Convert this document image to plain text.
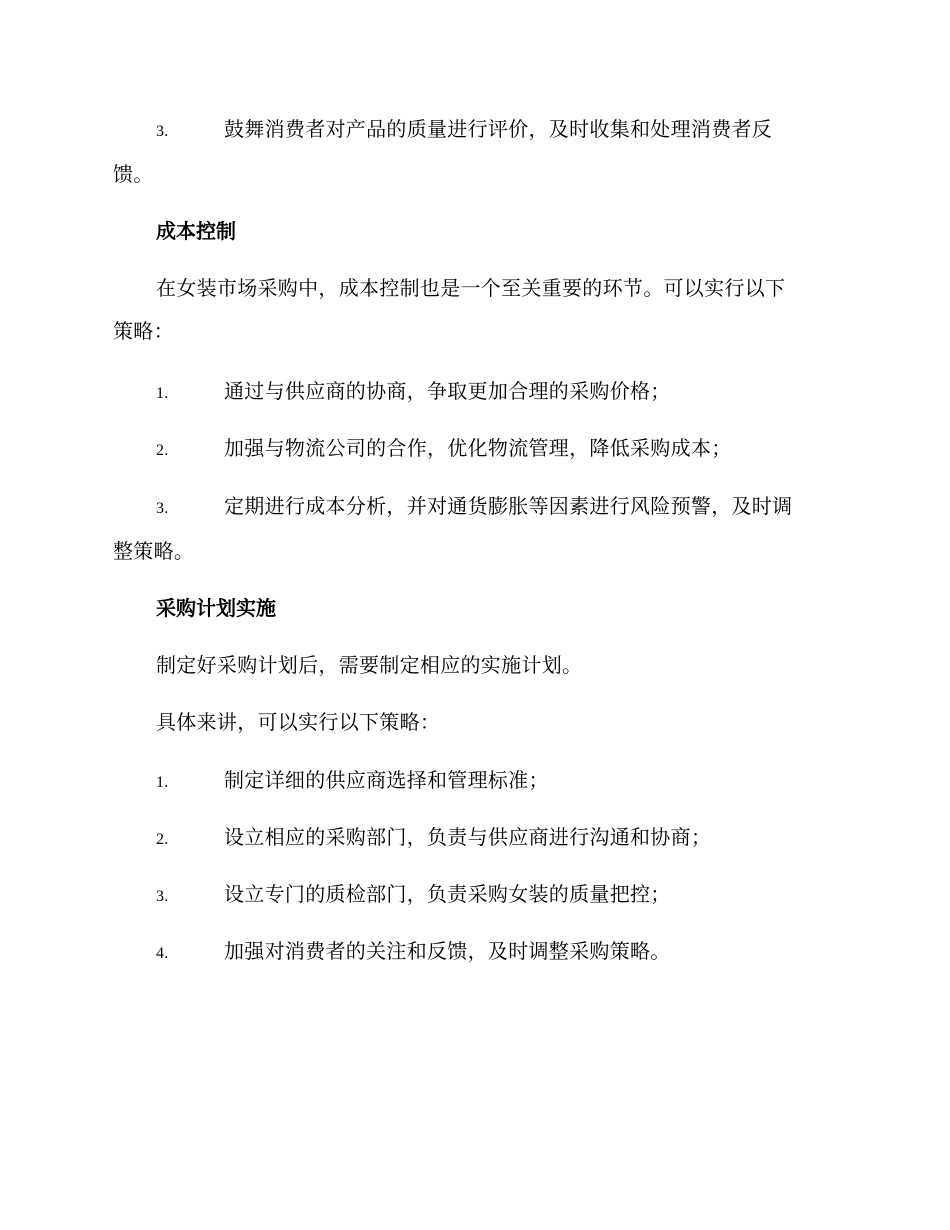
3.	鼓舞消费者对产品的质量进行评价，及时收集和处理消费者反
馈。
成本控制
在女装市场采购中，成本控制也是一个至关重要的环节。可以实行以下
策略：
1.	通过与供应商的协商，争取更加合理的采购价格；
2.	加强与物流公司的合作，优化物流管理，降低采购成本；
3.	定期进行成本分析，并对通货膨胀等因素进行风险预警，及时调
整策略。
采购计划实施
制定好采购计划后，需要制定相应的实施计划。
具体来讲，可以实行以下策略：
1.	制定详细的供应商选择和管理标准；
2.	设立相应的采购部门，负责与供应商进行沟通和协商；
3.	设立专门的质检部门，负责采购女装的质量把控；
4.	加强对消费者的关注和反馈，及时调整采购策略。
